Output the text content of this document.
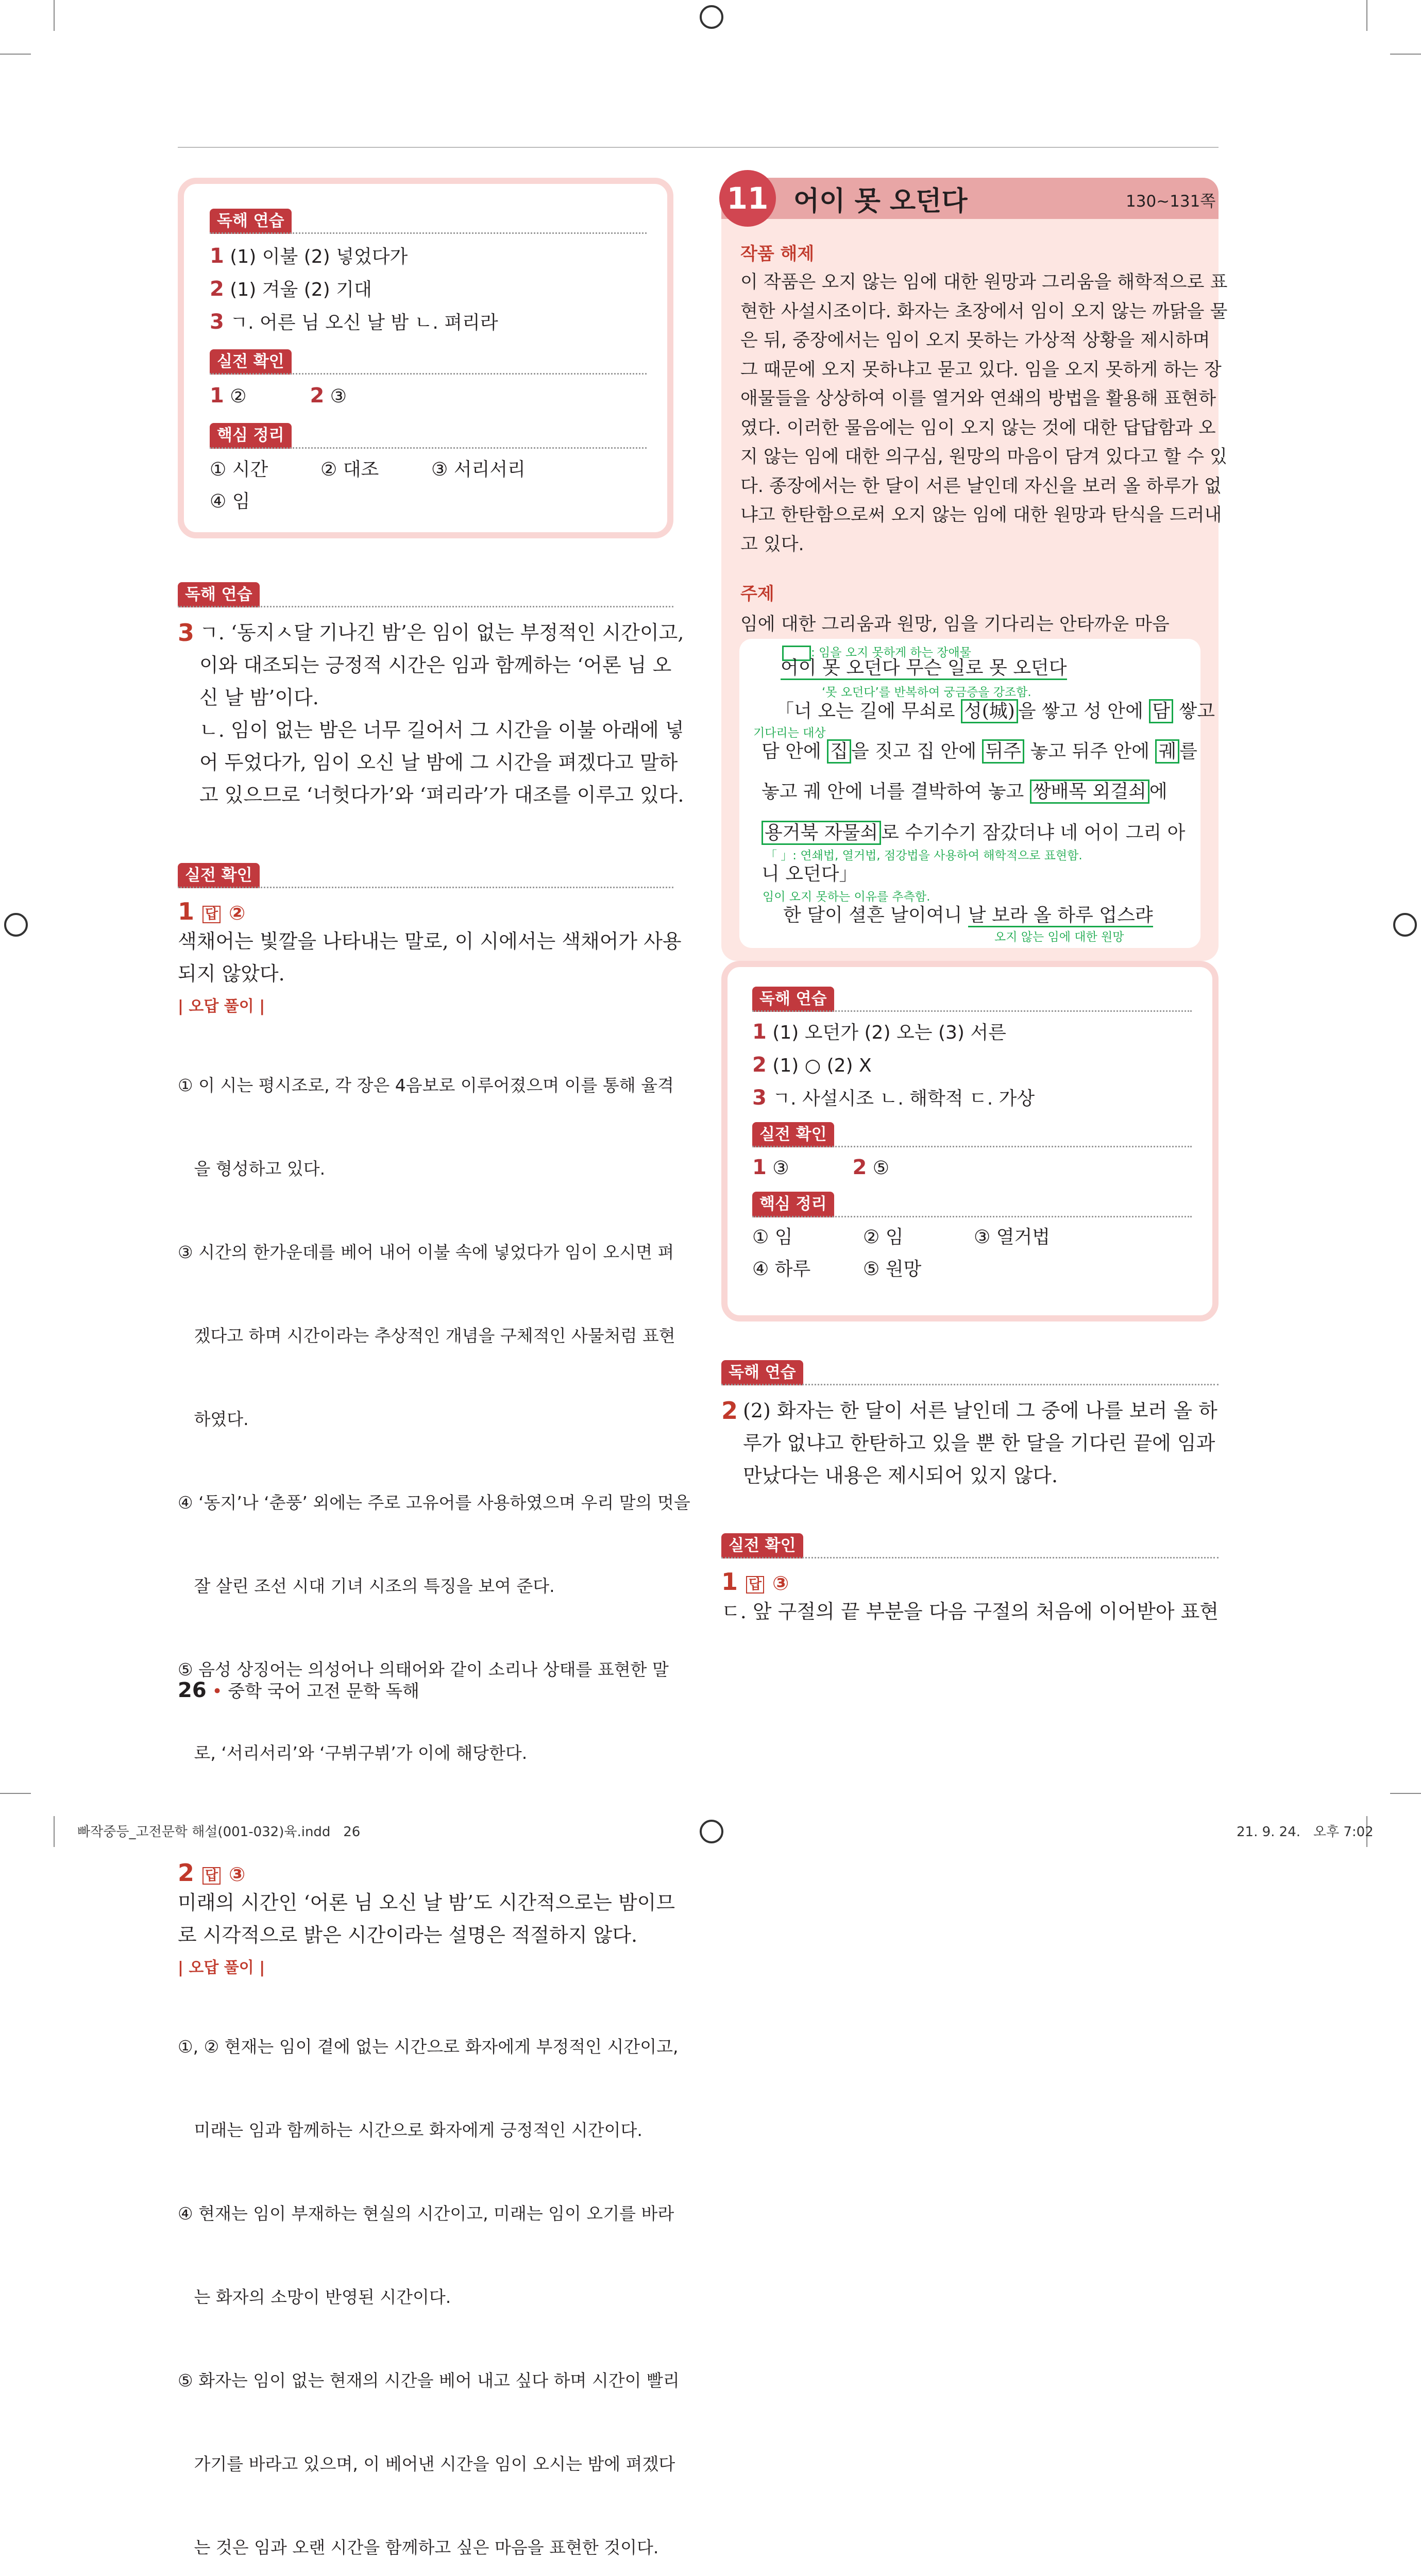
독해 연습
1 (1) 이불 (2) 넣었다가
2 (1) 겨울 (2) 기대
3 ㄱ. 어른 님 오신 날 밤 ㄴ. 펴리라
실전 확인
1 ②	2 ③
핵심 정리
① 시간	② 대조	③ 서리서리
④ 임
독해 연습
3 ㄱ. ‘동지ㅅ달 기나긴 밤’은 임이 없는 부정적인 시간이고,
이와 대조되는 긍정적 시간은 임과 함께하는 ‘어론 님 오
신 날 밤’이다.
ㄴ. 임이 없는 밤은 너무 길어서 그 시간을 이불 아래에 넣
어 두었다가, 임이 오신 날 밤에 그 시간을 펴겠다고 말하
고 있으므로 ‘너헛다가’와 ‘펴리라’가 대조를 이루고 있다.
실전 확인
1 답 ②
색채어는 빛깔을 나타내는 말로, 이 시에서는 색채어가 사용
되지 않았다.
| 오답 풀이 |

① 이 시는 평시조로, 각 장은 4음보로 이루어졌으며 이를 통해 율격

을 형성하고 있다.

③ 시간의 한가운데를 베어 내어 이불 속에 넣었다가 임이 오시면 펴

겠다고 하며 시간이라는 추상적인 개념을 구체적인 사물처럼 표현

하였다.

④ ‘동지’나 ‘춘풍’ 외에는 주로 고유어를 사용하였으며 우리 말의 멋을

잘 살린 조선 시대 기녀 시조의 특징을 보여 준다.

⑤ 음성 상징어는 의성어나 의태어와 같이 소리나 상태를 표현한 말

로, ‘서리서리’와 ‘구뷔구뷔’가 이에 해당한다.

2 답 ③
미래의 시간인 ‘어론 님 오신 날 밤’도 시간적으로는 밤이므
로 시각적으로 밝은 시간이라는 설명은 적절하지 않다.
| 오답 풀이 |

①, ② 현재는 임이 곁에 없는 시간으로 화자에게 부정적인 시간이고,

미래는 임과 함께하는 시간으로 화자에게 긍정적인 시간이다.

④ 현재는 임이 부재하는 현실의 시간이고, 미래는 임이 오기를 바라

는 화자의 소망이 반영된 시간이다.

⑤ 화자는 임이 없는 현재의 시간을 베어 내고 싶다 하며 시간이 빨리

가기를 바라고 있으며, 이 베어낸 시간을 임이 오시는 밤에 펴겠다

는 것은 임과 오랜 시간을 함께하고 싶은 마음을 표현한 것이다.

11 어이 못 오던다	130~131쪽
작품 해제
이 작품은 오지 않는 임에 대한 원망과 그리움을 해학적으로 표
현한 사설시조이다. 화자는 초장에서 임이 오지 않는 까닭을 물
은 뒤, 중장에서는 임이 오지 못하는 가상적 상황을 제시하며
그 때문에 오지 못하냐고 묻고 있다. 임을 오지 못하게 하는 장
애물들을 상상하여 이를 열거와 연쇄의 방법을 활용해 표현하
였다. 이러한 물음에는 임이 오지 않는 것에 대한 답답함과 오
지 않는 임에 대한 의구심, 원망의 마음이 담겨 있다고 할 수 있
다. 종장에서는 한 달이 서른 날인데 자신을 보러 올 하루가 없
냐고 한탄함으로써 오지 않는 임에 대한 원망과 탄식을 드러내
고 있다.
주제
임에 대한 그리움과 원망, 임을 기다리는 안타까운 마음
: 임을 오지 못하게 하는 장애물
어이 못 오던다 무슨 일로 못 오던다
‘못 오던다’를 반복하여 궁금증을 강조함.
「너 오는 길에 무쇠로 성(城) 을 쌓고 성 안에 담 쌓고
기다리는 대상
담 안에 집 을 짓고 집 안에 뒤주 놓고 뒤주 안에 궤 를
놓고 궤 안에 너를 결박하여 놓고 쌍배목 외걸쇠 에
용거북 자물쇠 로 수기수기 잠갔더냐 네 어이 그리 아
「 」: 연쇄법, 열거법, 점강법을 사용하여 해학적으로 표현함.
니 오던다」
임이 오지 못하는 이유를 추측함.
한 달이 셜흔 날이여니 날 보라 올 하루 업스랴
오지 않는 임에 대한 원망
독해 연습
1 (1) 오던가 (2) 오는 (3) 서른
2 (1) ○ (2) X
3 ㄱ. 사설시조 ㄴ. 해학적 ㄷ. 가상
실전 확인
1 ③	2 ⑤
핵심 정리
① 임	② 임	③ 열거법
④ 하루	⑤ 원망
독해 연습
2 (2) 화자는 한 달이 서른 날인데 그 중에 나를 보러 올 하
루가 없냐고 한탄하고 있을 뿐 한 달을 기다린 끝에 임과
만났다는 내용은 제시되어 있지 않다.
실전 확인
1 답 ③
ㄷ. 앞 구절의 끝 부분을 다음 구절의 처음에 이어받아 표현
26 • 중학 국어 고전 문학 독해
빠작중등_고전문학 해설(001-032)육.indd   26	21. 9. 24.   오후 7:02
